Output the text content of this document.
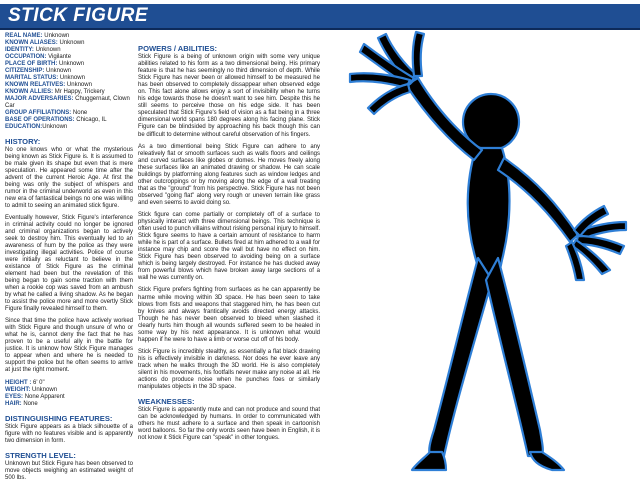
STICK FIGURE

REAL NAME: Unknown

KNOWN ALIASES: Unknown

IDENTITY: Unknown

OCCUPATION: Vigilante

PLACE OF BIRTH: Unknown

CITIZENSHIP: Unknown

MARITAL STATUS: Unknown

KNOWN RELATIVES: Unknown

KNOWN ALLIES: Mr Happy, Trickery

MAJOR ADVERSARIES: Chuggernaut, Clown Car

GROUP AFFILIATIONS: None

BASE OF OPERATIONS: Chicago, IL

EDUCATION:Unknown

HISTORY:

No one knows who or what the mysterious being known as Stick Figure is. It is assumed to be male given its shape but even that is mere speculation. He appeared some time after the advent of the current Heroic Age. At first the being was only the subject of whispers and rumor in the criminal underworld as even in this new era of fantastical beings no one was willing to admit to seeing an animated stick figure.

Eventually however, Stick Figure's interference in criminal activity could no longer be ignored and criminal organizations began to actively seek to destroy him. This eventually led to an awareness of hum by the police as they were investigating illegal activities. Police of course were initially as reluctant to believe in the existance of Stick Figure as the criminal element had been but the revelation of this being began to gain some traction with them when a rookie cop was saved from an ambush by what he called a living shadow. As he began to assist the police more and more overtly Stick Figure finally revealed himself to them.

Since that time the police have actively worked with Stick Figure and though unsure of who or what he is, cannot deny the fact that he has proven to be a useful ally in the battle for justice. It is unknow how Stick Figure manages to appear when and where he is needed to support the police but he often seems to arrive at just the right moment.

HEIGHT : 6' 0"

WEIGHT: Unknown

EYES: None Apparent

HAIR: None

DISTINGUISHING FEATURES:

Stick Figure appears as a black silhouette of a figure with no features visible and is apparently two dimension in form.

STRENGTH LEVEL:

Unknown but Stick Figure has been observed to move objects weighing an estimated weight of 500 lbs.

POWERS / ABILITIES:

Stick Figure is a being of unknown origin with some very unique abilities related to his form as a two dimensional being. His primary feature is that he has seemingly no third dimension of depth. While Stick Figure has never been or allowed himself to be measured he has been observed to completely dissappear when observed edge on. This fact alone allows enjoy a sort of invisibility when he turns his edge towards those he doesn't want to see him. Despite this he still seems to perceive those on his edge side. It has been speculated that Stick Figure's field of vision as a flat being in a three dimensional world spans 180 degrees along his facing plane. Stick Figure can be blindsided by approaching his back though this can be difficult to determine without careful observation of his fingers.

As a two dimentional being Stick Figure can adhere to any releatively flat or smooth surfaces such as walls floors and ceilings and curved surfaces like globes or domes. He moves freely along these surfaces like an animated drawing or shadow. He can scale buildings by platforming along features such as window ledges and other outcroppings or by moving along the edge of a wall treating that as the "ground" from his perspective. Stick Figure has not been observed "going flat" along very rough or uneven terrain like grass and even seems to avoid doing so.

Stick figure can come partially or completely off of a surface to physically interact with three dimensional beings. This technique is often used to punch villains without risking personal injury to himself. Stick figure seems to have a certain amount of resistance to harm while he is part of a surface. Bullets fired at him adhered to a wall for instance may chip and score the wall but have no effect on him. Stick Figure has been observed to avoiding being on a surface which is being largely destroyed. For instance he has ducked away from powerful blows which have broken away large sections of a wall he was currently on.

Stick Figure prefers fighting from surfaces as he can apparently be harme while moving within 3D space. He has been seen to take blows from fists and weapons that staggered him, he has been cut by knives and always frantically avoids directed energy attacks. Though he has never been observed to bleed when slashed it clearly hurts him though all wounds suffered seem to be healed in some way by his next appearance. It is unknown what would happen if he were to have a limb or worse cut off of his body.

Stick Figure is incredibly stealthy, as essentially a flat black drawing his is effectively invisible in darkness. Nor does he ever leave any track when he walks through the 3D world. He is also completely silent in his movements, his footfalls never make any noise at all. He actions do produce noise when he punches foes or similarly manipulates objects in the 3D space.

WEAKNESSES:

Stick Figure is apparently mute and can not produce and sound that can be acknowledged by humans. In order to communicated with others he must adhere to a surface and then speak in cartoonish word balloons. So far the only words seen have been in English, it is not know it Stick Figure can "speak" in other tongues.
